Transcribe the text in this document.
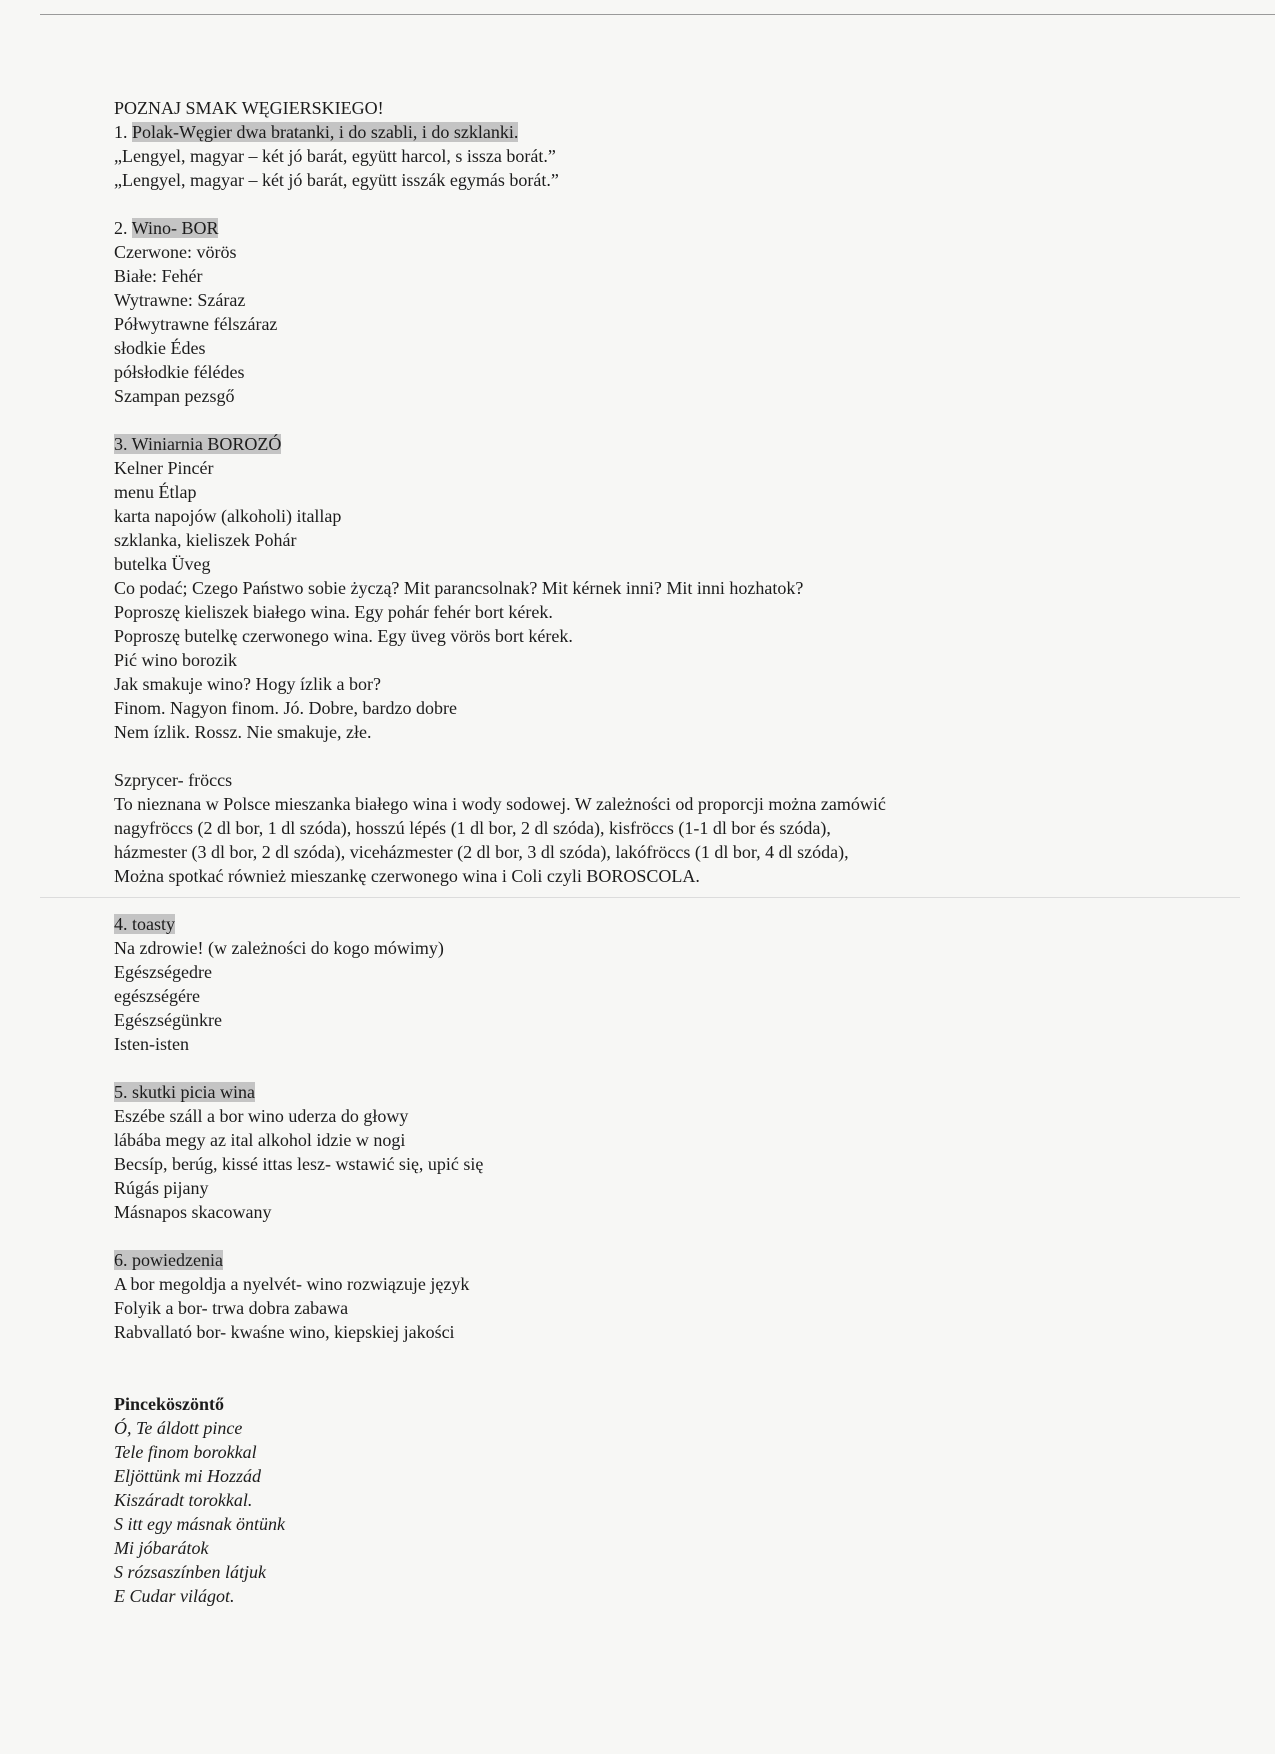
POZNAJ SMAK WĘGIERSKIEGO!

1. Polak-Węgier dwa bratanki, i do szabli, i do szklanki.

„Lengyel, magyar – két jó barát, együtt harcol, s issza borát.”

„Lengyel, magyar – két jó barát, együtt isszák egymás borát.”

2. Wino- BOR

Czerwone: vörös

Białe: Fehér

Wytrawne: Száraz

Półwytrawne félszáraz

słodkie Édes

półsłodkie félédes

Szampan pezsgő

3. Winiarnia BOROZÓ

Kelner Pincér

menu Étlap

karta napojów (alkoholi) itallap

szklanka, kieliszek Pohár

butelka Üveg

Co podać; Czego Państwo sobie życzą? Mit parancsolnak? Mit kérnek inni? Mit inni hozhatok?

Poproszę kieliszek białego wina. Egy pohár fehér bort kérek.

Poproszę butelkę czerwonego wina. Egy üveg vörös bort kérek.

Pić wino borozik

Jak smakuje wino? Hogy ízlik a bor?

Finom. Nagyon finom. Jó. Dobre, bardzo dobre

Nem ízlik. Rossz. Nie smakuje, złe.

Szprycer- fröccs

To nieznana w Polsce mieszanka białego wina i wody sodowej. W zależności od proporcji można zamówić

nagyfröccs (2 dl bor, 1 dl szóda), hosszú lépés (1 dl bor, 2 dl szóda), kisfröccs (1-1 dl bor és szóda),

házmester (3 dl bor, 2 dl szóda), viceházmester (2 dl bor, 3 dl szóda), lakófröccs (1 dl bor, 4 dl szóda),

Można spotkać również mieszankę czerwonego wina i Coli czyli BOROSCOLA.

4. toasty

Na zdrowie! (w zależności do kogo mówimy)

Egészségedre

egészségére

Egészségünkre

Isten-isten

5. skutki picia wina

Eszébe száll a bor wino uderza do głowy

lábába megy az ital alkohol idzie w nogi

Becsíp, berúg, kissé ittas lesz- wstawić się, upić się

Rúgás pijany

Másnapos skacowany

6. powiedzenia

A bor megoldja a nyelvét- wino rozwiązuje język

Folyik a bor- trwa dobra zabawa

Rabvallató bor- kwaśne wino, kiepskiej jakości

Pinceköszöntő

Ó, Te áldott pince

Tele finom borokkal

Eljöttünk mi Hozzád

Kiszáradt torokkal.

S itt egy másnak öntünk

Mi jóbarátok

S rózsaszínben látjuk

E Cudar világot.
